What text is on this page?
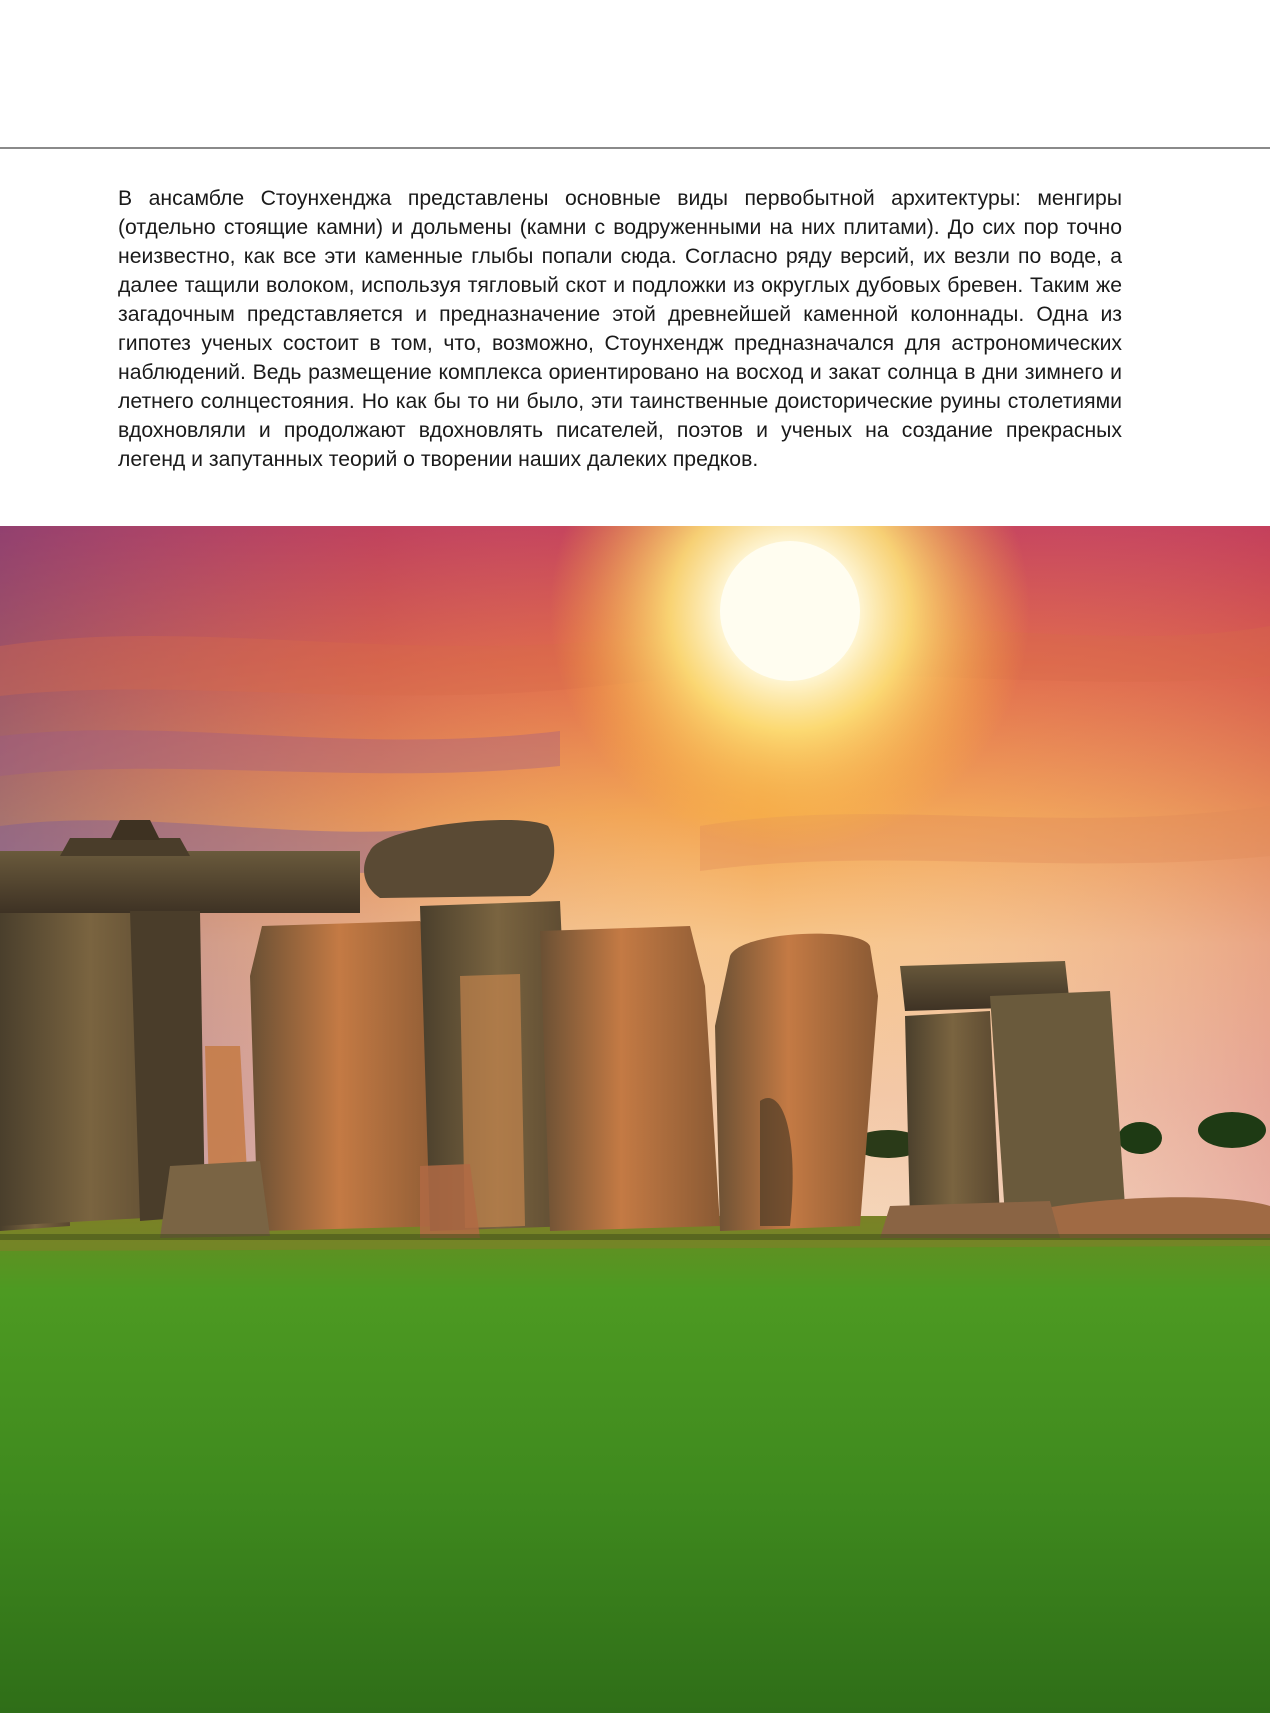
В ансамбле Стоунхенджа представлены основные виды первобытной архитектуры: менгиры (отдельно стоящие камни) и дольмены (камни с водруженными на них плитами). До сих пор точно неизвестно, как все эти каменные глыбы попали сюда. Согласно ряду версий, их везли по воде, а далее тащили волоком, используя тягловый скот и подложки из округлых дубовых бревен. Таким же загадочным представляется и предназначение этой древнейшей каменной колоннады. Одна из гипотез ученых состоит в том, что, возможно, Стоунхендж предназначался для астрономических наблюдений. Ведь размещение комплекса ориентировано на восход и закат солнца в дни зимнего и летнего солнцестояния. Но как бы то ни было, эти таинственные доисторические руины столетиями вдохновляли и продолжают вдохновлять писателей, поэтов и ученых на создание прекрасных легенд и запутанных теорий о творении наших далеких предков.
